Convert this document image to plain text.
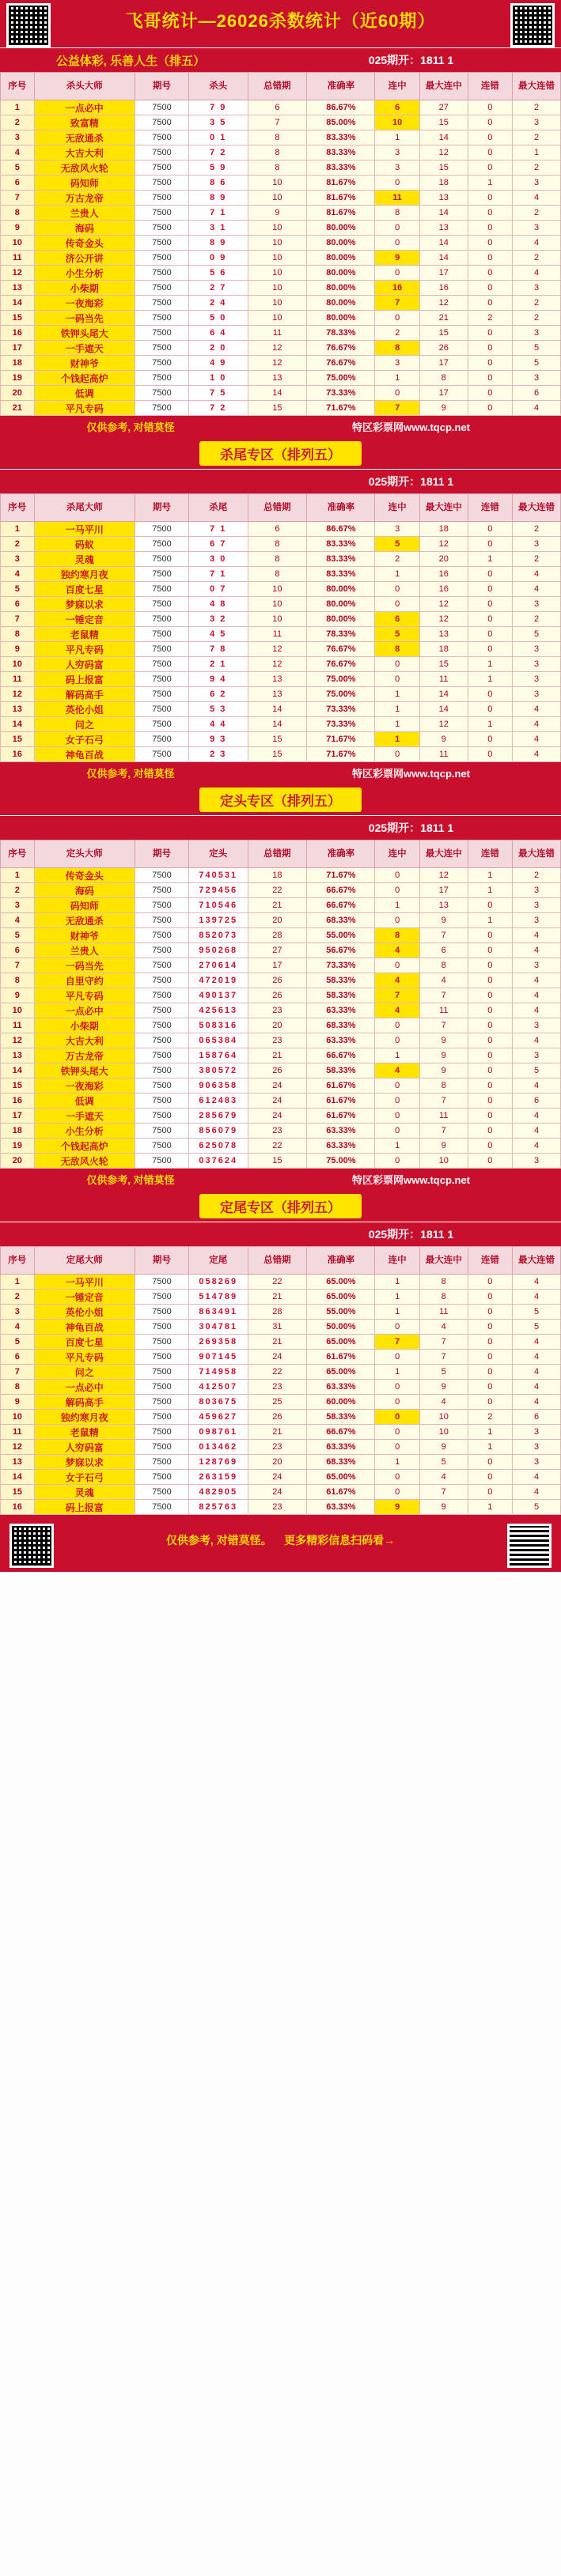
飞哥统计—26026杀数统计（近60期）
公益体彩, 乐善人生（排五）	025期开：1811 1
序号	杀头大师	期号	杀头	总错期	准确率	连中	最大连中	连错	最大连错
1	一点必中	7500	7 9	6	86.67%	6	27	0	2
2	致富精	7500	3 5	7	85.00%	10	15	0	3
3	无敌通杀	7500	0 1	8	83.33%	1	14	0	2
4	大吉大利	7500	7 2	8	83.33%	3	12	0	1
5	无敌风火轮	7500	5 9	8	83.33%	3	15	0	2
6	码知师	7500	8 6	10	81.67%	0	18	1	3
7	万古龙帝	7500	8 9	10	81.67%	11	13	0	4
8	兰贵人	7500	7 1	9	81.67%	8	14	0	2
9	海码	7500	3 1	10	80.00%	0	13	0	3
10	传奇金头	7500	8 9	10	80.00%	0	14	0	4
11	济公开讲	7500	0 9	10	80.00%	9	14	0	2
12	小生分析	7500	5 6	10	80.00%	0	17	0	4
13	小柴期	7500	2 7	10	80.00%	16	16	0	3
14	一夜海彩	7500	2 4	10	80.00%	7	12	0	2
15	一码当先	7500	5 0	10	80.00%	0	21	2	2
16	铁钾头尾大	7500	6 4	11	78.33%	2	15	0	3
17	一手遮天	7500	2 0	12	76.67%	8	26	0	5
18	财神爷	7500	4 9	12	76.67%	3	17	0	5
19	个钱起高炉	7500	1 0	13	75.00%	1	8	0	3
20	低调	7500	7 5	14	73.33%	0	17	0	6
21	平凡专码	7500	7 2	15	71.67%	7	9	0	4
仅供参考, 对错莫怪	特区彩票网www.tqcp.net
杀尾专区（排列五）
025期开：1811 1
序号	杀尾大师	期号	杀尾	总错期	准确率	连中	最大连中	连错	最大连错
1	一马平川	7500	7 1	6	86.67%	3	18	0	2
2	码蚁	7500	6 7	8	83.33%	5	12	0	3
3	灵魂	7500	3 0	8	83.33%	2	20	1	2
4	独约寒月夜	7500	7 1	8	83.33%	1	16	0	4
5	百度七星	7500	0 7	10	80.00%	0	16	0	4
6	梦寐以求	7500	4 8	10	80.00%	0	12	0	3
7	一锤定音	7500	3 2	10	80.00%	6	12	0	2
8	老鼠精	7500	4 5	11	78.33%	5	13	0	5
9	平凡专码	7500	7 8	12	76.67%	8	18	0	3
10	人穷码富	7500	2 1	12	76.67%	0	15	1	3
11	码上报富	7500	9 4	13	75.00%	0	11	1	3
12	解码高手	7500	6 2	13	75.00%	1	14	0	3
13	英伦小姐	7500	5 3	14	73.33%	1	14	0	4
14	问之	7500	4 4	14	73.33%	1	12	1	4
15	女子石弓	7500	9 3	15	71.67%	1	9	0	4
16	神龟百战	7500	2 3	15	71.67%	0	11	0	4
仅供参考, 对错莫怪	特区彩票网www.tqcp.net
定头专区（排列五）
025期开：1811 1
序号	定头大师	期号	定头	总错期	准确率	连中	最大连中	连错	最大连错
1	传奇金头	7500	740531	18	71.67%	0	12	1	2
2	海码	7500	729456	22	66.67%	0	17	1	3
3	码知师	7500	710546	21	66.67%	1	13	0	3
4	无敌通杀	7500	139725	20	68.33%	0	9	1	3
5	财神爷	7500	852073	28	55.00%	8	7	0	4
6	兰贵人	7500	950268	27	56.67%	4	6	0	4
7	一码当先	7500	270614	17	73.33%	0	8	0	3
8	自里守约	7500	472019	26	58.33%	4	4	0	4
9	平凡专码	7500	490137	26	58.33%	7	7	0	4
10	一点必中	7500	425613	23	63.33%	4	11	0	4
11	小柴期	7500	508316	20	68.33%	0	7	0	3
12	大吉大利	7500	065384	23	63.33%	0	9	0	4
13	万古龙帝	7500	158764	21	66.67%	1	9	0	3
14	铁钾头尾大	7500	380572	26	58.33%	4	9	0	5
15	一夜海彩	7500	906358	24	61.67%	0	8	0	4
16	低调	7500	612483	24	61.67%	0	7	0	6
17	一手遮天	7500	285679	24	61.67%	0	11	0	4
18	小生分析	7500	856079	23	63.33%	0	7	0	4
19	个钱起高炉	7500	625078	22	63.33%	1	9	0	4
20	无敌风火轮	7500	037624	15	75.00%	0	10	0	3
仅供参考, 对错莫怪	特区彩票网www.tqcp.net
定尾专区（排列五）
025期开：1811 1
序号	定尾大师	期号	定尾	总错期	准确率	连中	最大连中	连错	最大连错
1	一马平川	7500	058269	22	65.00%	1	8	0	4
2	一锤定音	7500	514789	21	65.00%	1	8	0	4
3	英伦小姐	7500	863491	28	55.00%	1	11	0	5
4	神龟百战	7500	304781	31	50.00%	0	4	0	5
5	百度七星	7500	269358	21	65.00%	7	7	0	4
6	平凡专码	7500	907145	24	61.67%	0	7	0	4
7	问之	7500	714958	22	65.00%	1	5	0	4
8	一点必中	7500	412507	23	63.33%	0	9	0	4
9	解码高手	7500	803675	25	60.00%	0	4	0	4
10	独约寒月夜	7500	459627	26	58.33%	0	10	2	6
11	老鼠精	7500	098761	21	66.67%	0	10	1	3
12	人穷码富	7500	013462	23	63.33%	0	9	1	3
13	梦寐以求	7500	128769	20	68.33%	1	5	0	3
14	女子石弓	7500	263159	24	65.00%	0	4	0	4
15	灵魂	7500	482905	24	61.67%	0	7	0	4
16	码上报富	7500	825763	23	63.33%	9	9	1	5
仅供参考, 对错莫怪。 更多精彩信息扫码看→
